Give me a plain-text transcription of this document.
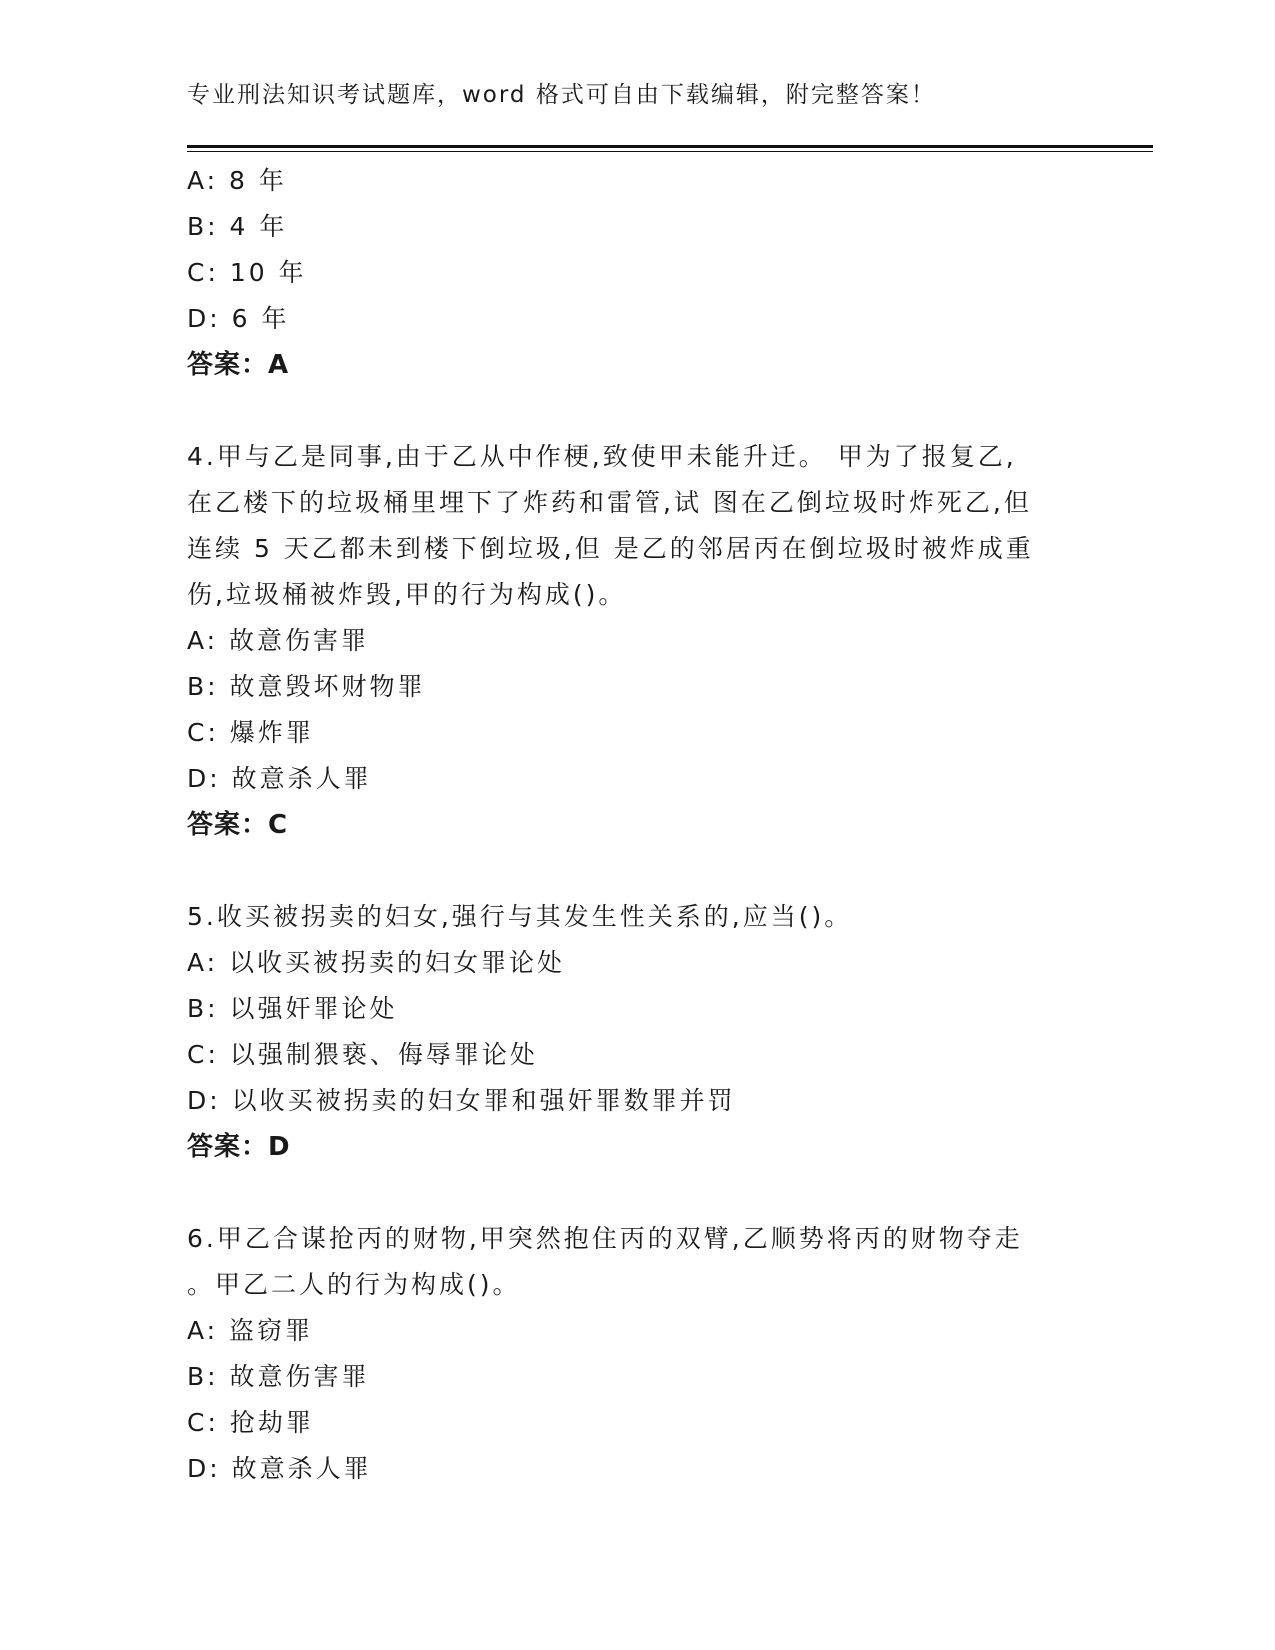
专业刑法知识考试题库，word 格式可自由下载编辑，附完整答案！
A: 8 年
B: 4 年
C: 10 年
D: 6 年
答案：A
4.甲与乙是同事,由于乙从中作梗,致使甲未能升迁。 甲为了报复乙,
在乙楼下的垃圾桶里埋下了炸药和雷管,试 图在乙倒垃圾时炸死乙,但
连续 5 天乙都未到楼下倒垃圾,但 是乙的邻居丙在倒垃圾时被炸成重
伤,垃圾桶被炸毁,甲的行为构成()。
A: 故意伤害罪
B: 故意毁坏财物罪
C: 爆炸罪
D: 故意杀人罪
答案：C
5.收买被拐卖的妇女,强行与其发生性关系的,应当()。
A: 以收买被拐卖的妇女罪论处
B: 以强奸罪论处
C: 以强制猥亵、侮辱罪论处
D: 以收买被拐卖的妇女罪和强奸罪数罪并罚
答案：D
6.甲乙合谋抢丙的财物,甲突然抱住丙的双臂,乙顺势将丙的财物夺走
。甲乙二人的行为构成()。
A: 盗窃罪
B: 故意伤害罪
C: 抢劫罪
D: 故意杀人罪
